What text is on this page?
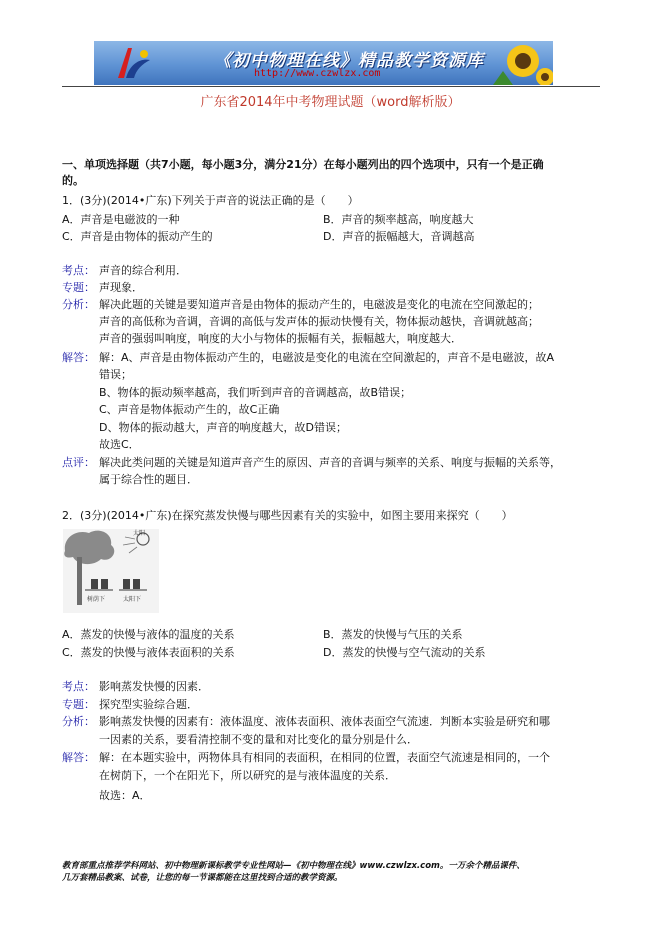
《初中物理在线》精品教学资源库
http://www.czwlzx.com
广东省2014年中考物理试题（word解析版）
一、单项选择题（共7小题，每小题3分，满分21分）在每小题列出的四个选项中，只有一个是正确
的。
1．(3分)(2014•广东)下列关于声音的说法正确的是（　　）
A．声音是电磁波的一种	B．声音的频率越高，响度越大
C．声音是由物体的振动产生的	D．声音的振幅越大，音调越高
考点： 声音的综合利用．
专题： 声现象．
分析： 解决此题的关键是要知道声音是由物体的振动产生的，电磁波是变化的电流在空间激起的；
声音的高低称为音调，音调的高低与发声体的振动快慢有关，物体振动越快，音调就越高；
声音的强弱叫响度，响度的大小与物体的振幅有关，振幅越大，响度越大．
解答： 解：A、声音是由物体振动产生的，电磁波是变化的电流在空间激起的，声音不是电磁波，故A
错误；
B、物体的振动频率越高，我们听到声音的音调越高，故B错误；
C、声音是物体振动产生的，故C正确
D、物体的振动越大，声音的响度越大，故D错误；
故选C．
点评： 解决此类问题的关键是知道声音产生的原因、声音的音调与频率的关系、响度与振幅的关系等，
属于综合性的题目．
2．(3分)(2014•广东)在探究蒸发快慢与哪些因素有关的实验中，如图主要用来探究（　　）
太阳
树荫下	太阳下
A．蒸发的快慢与液体的温度的关系	B．蒸发的快慢与气压的关系
C．蒸发的快慢与液体表面积的关系	D．蒸发的快慢与空气流动的关系
考点： 影响蒸发快慢的因素．
专题： 探究型实验综合题．
分析： 影响蒸发快慢的因素有：液体温度、液体表面积、液体表面空气流速．判断本实验是研究和哪
一因素的关系，要看清控制不变的量和对比变化的量分别是什么．
解答： 解：在本题实验中，两物体具有相同的表面积，在相同的位置，表面空气流速是相同的，一个
在树荫下，一个在阳光下，所以研究的是与液体温度的关系．
故选：A．
教育部重点推荐学科网站、初中物理新课标教学专业性网站—《初中物理在线》www.czwlzx.com。一万余个精品课件、
几万套精品教案、试卷，让您的每一节课都能在这里找到合适的教学资源。
